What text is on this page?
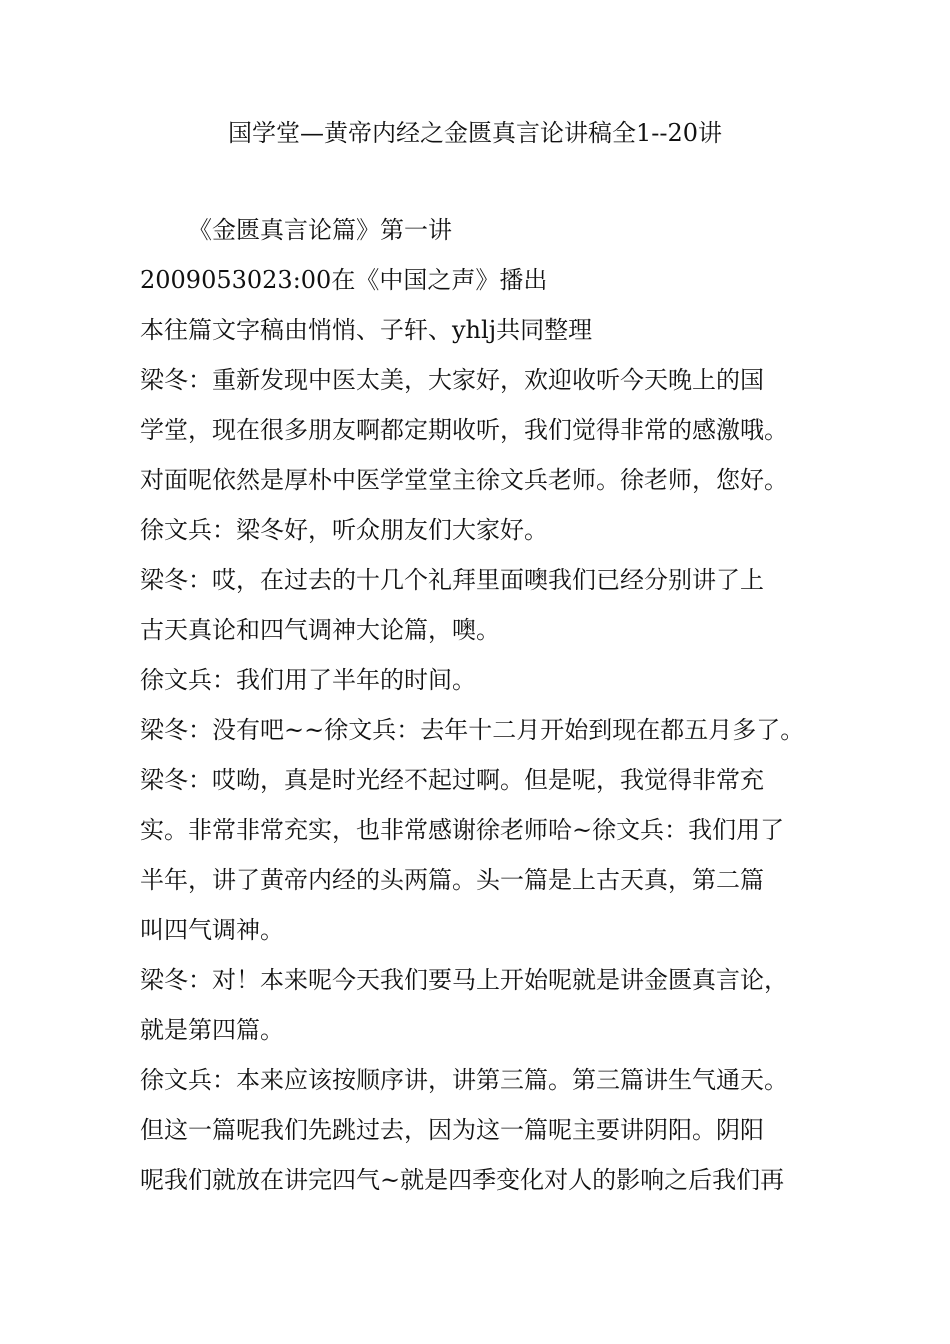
国学堂—黄帝内经之金匮真言论讲稿全1--20讲
《金匮真言论篇》第一讲
2009053023:00在《中国之声》播出
本往篇文字稿由悄悄、子轩、yhlj共同整理
梁冬：重新发现中医太美，大家好，欢迎收听今天晚上的国
学堂，现在很多朋友啊都定期收听，我们觉得非常的感激哦。
对面呢依然是厚朴中医学堂堂主徐文兵老师。徐老师，您好。
徐文兵：梁冬好，听众朋友们大家好。
梁冬：哎，在过去的十几个礼拜里面噢我们已经分别讲了上
古天真论和四气调神大论篇，噢。
徐文兵：我们用了半年的时间。
梁冬：没有吧~~徐文兵：去年十二月开始到现在都五月多了。
梁冬：哎呦，真是时光经不起过啊。但是呢，我觉得非常充
实。非常非常充实，也非常感谢徐老师哈~徐文兵：我们用了
半年，讲了黄帝内经的头两篇。头一篇是上古天真，第二篇
叫四气调神。
梁冬：对！本来呢今天我们要马上开始呢就是讲金匮真言论，
就是第四篇。
徐文兵：本来应该按顺序讲，讲第三篇。第三篇讲生气通天。
但这一篇呢我们先跳过去，因为这一篇呢主要讲阴阳。阴阳
呢我们就放在讲完四气~就是四季变化对人的影响之后我们再
